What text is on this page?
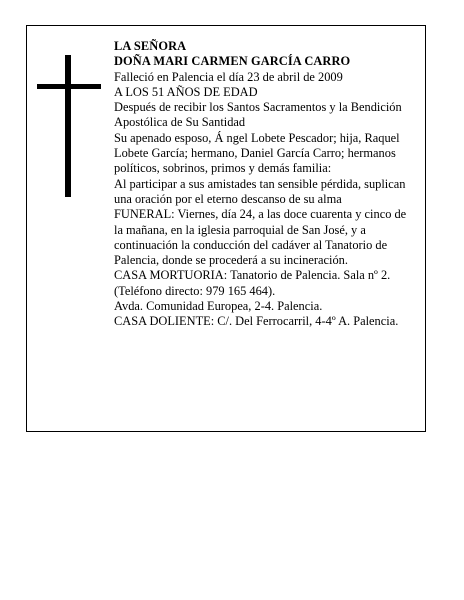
LA SEÑORA
DOÑA MARI CARMEN GARCÍA CARRO
Falleció en Palencia el día 23 de abril de 2009
A LOS 51 AÑOS DE EDAD
Después de recibir los Santos Sacramentos y la Bendición Apostólica de Su Santidad
Su apenado esposo, Á ngel Lobete Pescador; hija, Raquel Lobete García; hermano, Daniel García Carro; hermanos políticos, sobrinos, primos y demás familia:
Al participar a sus amistades tan sensible pérdida, suplican una oración por el eterno descanso de su alma
FUNERAL: Viernes, día 24, a las doce cuarenta y cinco de la mañana, en la iglesia parroquial de San José, y a continuación la conducción del cadáver al Tanatorio de Palencia, donde se procederá a su incineración.
CASA MORTUORIA: Tanatorio de Palencia. Sala nº 2. (Teléfono directo: 979 165 464).
Avda. Comunidad Europea, 2-4. Palencia.
CASA DOLIENTE: C/. Del Ferrocarril, 4-4º A. Palencia.
